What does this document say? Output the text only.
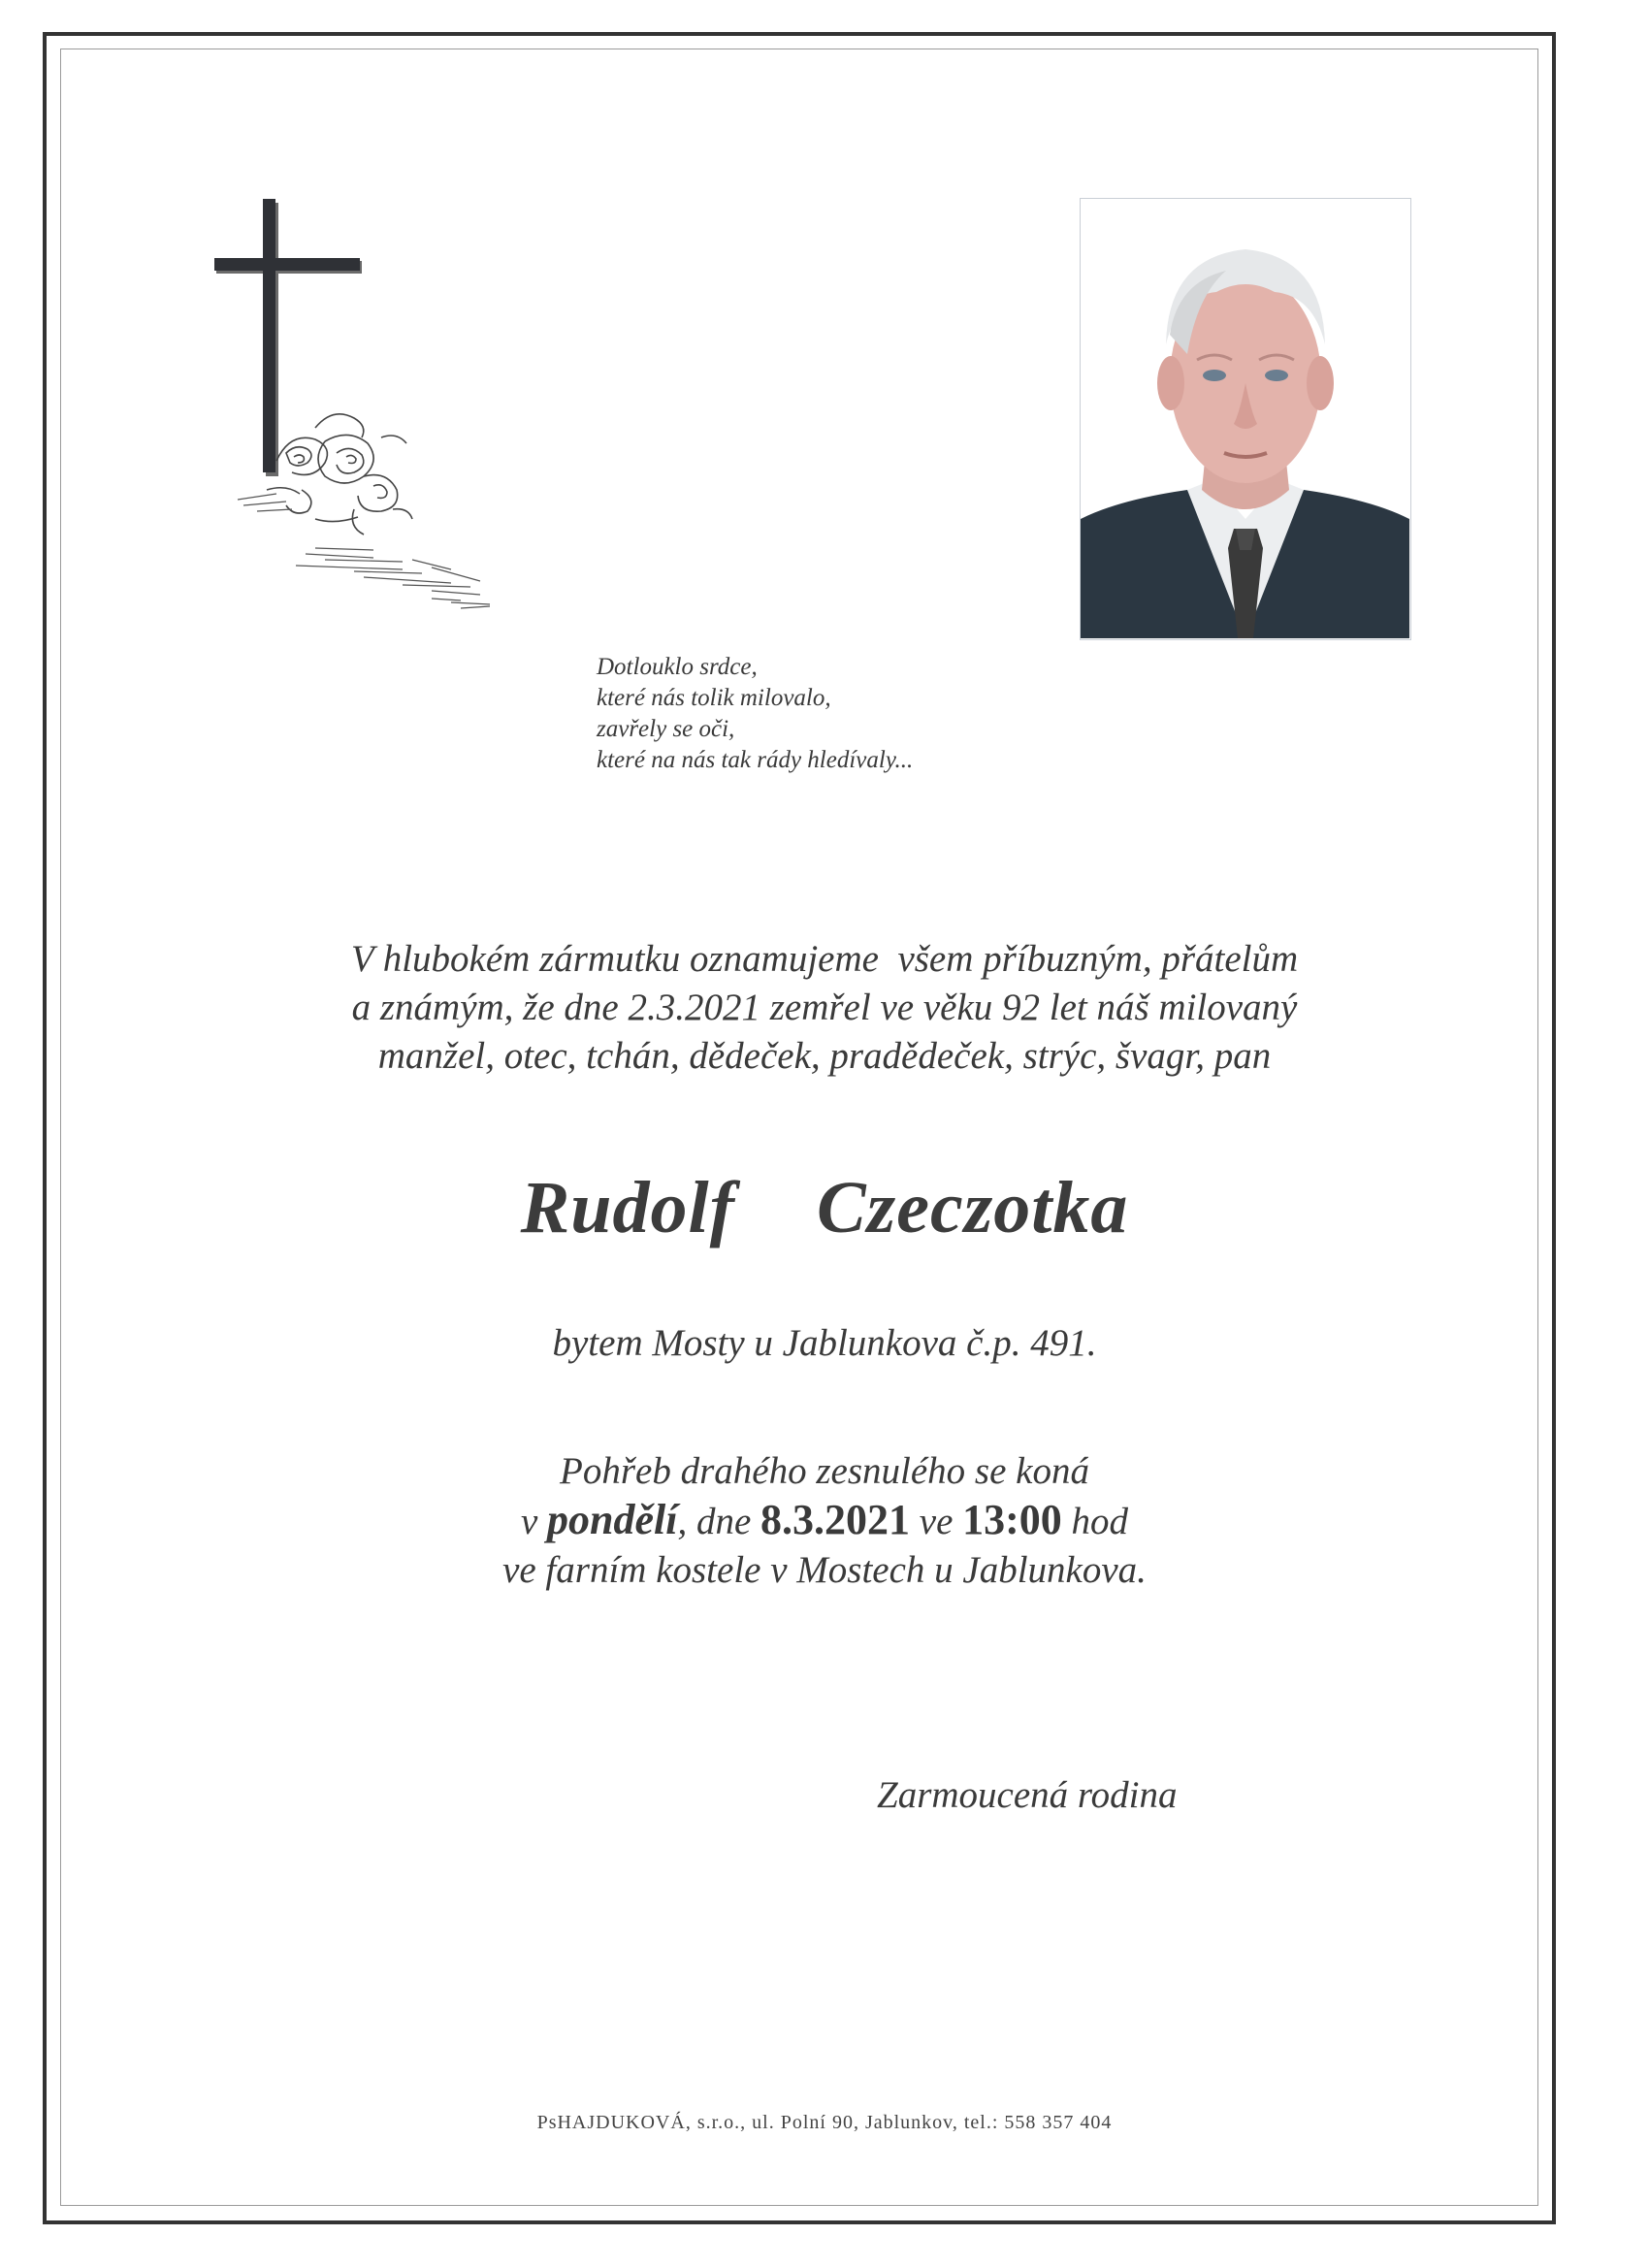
Dotlouklo srdce,
které nás tolik milovalo,
zavřely se oči,
které na nás tak rády hledívaly...
V hlubokém zármutku oznamujeme  všem příbuzným, přátelům
a známým, že dne 2.3.2021 zemřel ve věku 92 let náš milovaný
manžel, otec, tchán, dědeček, pradědeček, strýc, švagr, pan
Rudolf  Czeczotka
bytem Mosty u Jablunkova č.p. 491.
Pohřeb drahého zesnulého se koná
v pondělí, dne 8.3.2021 ve 13:00 hod
ve farním kostele v Mostech u Jablunkova.
Zarmoucená rodina
PsHAJDUKOVÁ, s.r.o., ul. Polní 90, Jablunkov, tel.: 558 357 404
